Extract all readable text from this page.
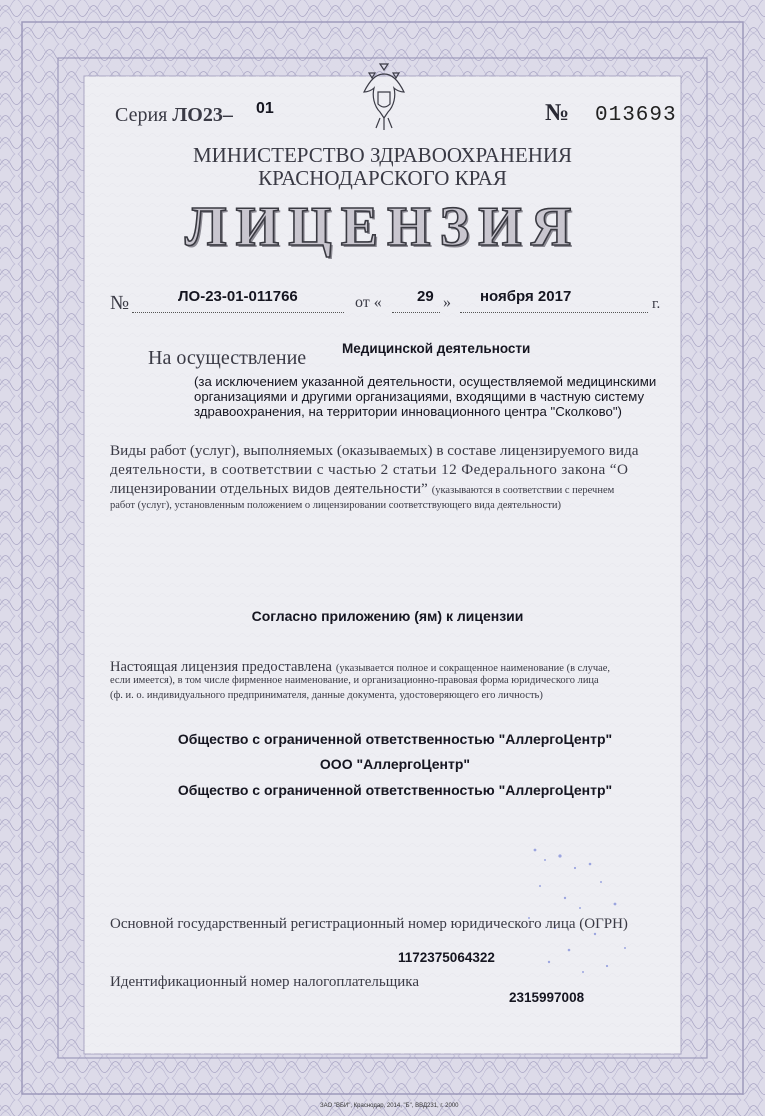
Серия ЛО23– 01	№ 013693
МИНИСТЕРСТВО ЗДРАВООХРАНЕНИЯ
КРАСНОДАРСКОГО КРАЯ
ЛИЦЕНЗИЯ
№	ЛО-23-01-011766	от « 29 » ноября 2017	г.
Медицинской деятельности
На осуществление
(за исключением указанной деятельности, осуществляемой медицинскими
организациями и другими организациями, входящими в частную систему
здравоохранения, на территории инновационного центра "Сколково")
Виды работ (услуг), выполняемых (оказываемых) в составе лицензируемого вида
деятельности, в соответствии с частью 2 статьи 12 Федерального закона “О
лицензировании отдельных видов деятельности” (указываются в соответствии с перечнем
работ (услуг), установленным положением о лицензировании соответствующего вида деятельности)
Согласно приложению (ям) к лицензии
Настоящая лицензия предоставлена (указывается полное и сокращенное наименование (в случае,
если имеется), в том числе фирменное наименование, и организационно-правовая форма юридического лица
(ф. и. о. индивидуального предпринимателя, данные документа, удостоверяющего его личность)
Общество с ограниченной ответственностью "АллергоЦентр"
ООО "АллергоЦентр"
Общество с ограниченной ответственностью "АллергоЦентр"
Основной государственный регистрационный номер юридического лица (ОГРН)
1172375064322
Идентификационный номер налогоплательщика
2315997008
ЗАО "ВБИ", Краснодар, 2014, "Б", ВВД231, г. 2000
